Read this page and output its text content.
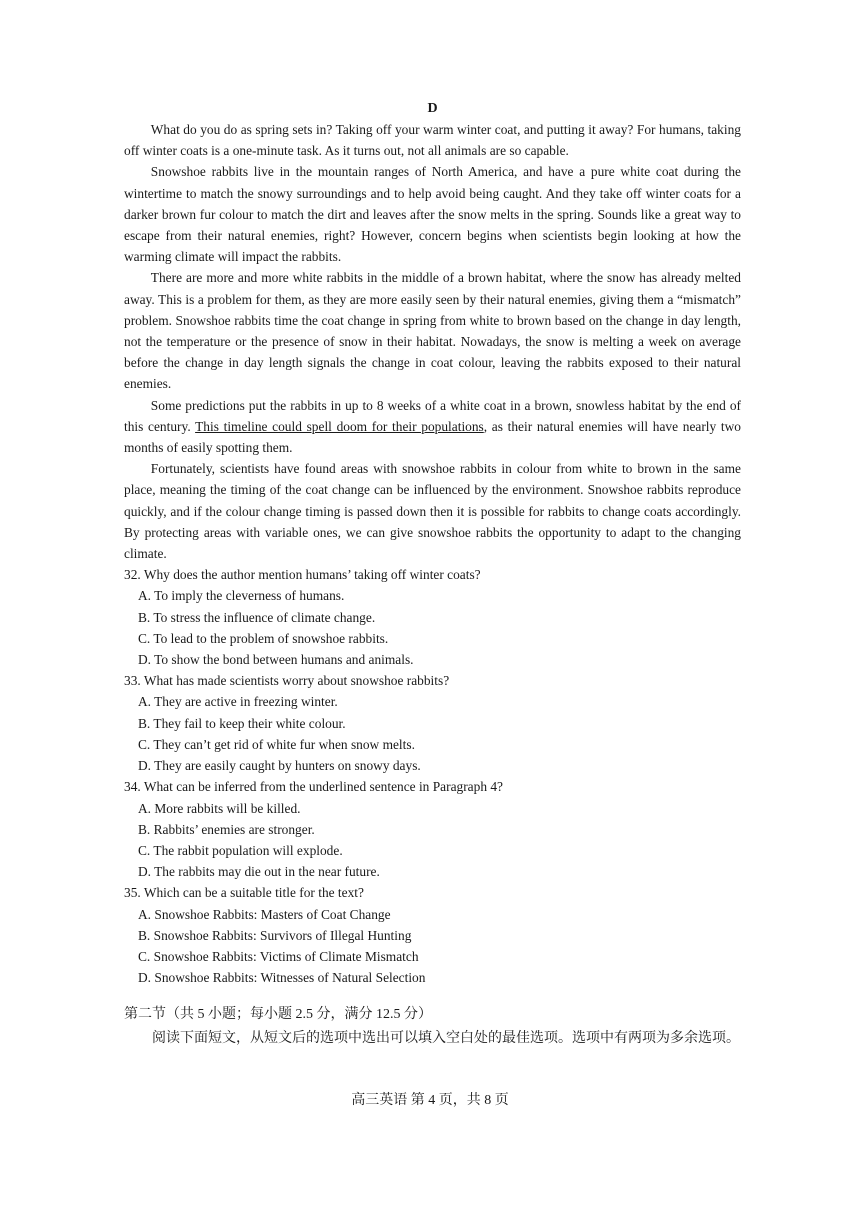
D

What do you do as spring sets in? Taking off your warm winter coat, and putting it away? For humans, taking off winter coats is a one-minute task. As it turns out, not all animals are so capable.

Snowshoe rabbits live in the mountain ranges of North America, and have a pure white coat during the wintertime to match the snowy surroundings and to help avoid being caught. And they take off winter coats for a darker brown fur colour to match the dirt and leaves after the snow melts in the spring. Sounds like a great way to escape from their natural enemies, right? However, concern begins when scientists begin looking at how the warming climate will impact the rabbits.

There are more and more white rabbits in the middle of a brown habitat, where the snow has already melted away. This is a problem for them, as they are more easily seen by their natural enemies, giving them a “mismatch” problem. Snowshoe rabbits time the coat change in spring from white to brown based on the change in day length, not the temperature or the presence of snow in their habitat. Nowadays, the snow is melting a week on average before the change in day length signals the change in coat colour, leaving the rabbits exposed to their natural enemies.

Some predictions put the rabbits in up to 8 weeks of a white coat in a brown, snowless habitat by the end of this century. This timeline could spell doom for their populations, as their natural enemies will have nearly two months of easily spotting them.

Fortunately, scientists have found areas with snowshoe rabbits in colour from white to brown in the same place, meaning the timing of the coat change can be influenced by the environment. Snowshoe rabbits reproduce quickly, and if the colour change timing is passed down then it is possible for rabbits to change coats accordingly. By protecting areas with variable ones, we can give snowshoe rabbits the opportunity to adapt to the changing climate.

32. Why does the author mention humans’ taking off winter coats?

A. To imply the cleverness of humans.

B. To stress the influence of climate change.

C. To lead to the problem of snowshoe rabbits.

D. To show the bond between humans and animals.

33. What has made scientists worry about snowshoe rabbits?

A. They are active in freezing winter.

B. They fail to keep their white colour.

C. They can’t get rid of white fur when snow melts.

D. They are easily caught by hunters on snowy days.

34. What can be inferred from the underlined sentence in Paragraph 4?

A. More rabbits will be killed.

B. Rabbits’ enemies are stronger.

C. The rabbit population will explode.

D. The rabbits may die out in the near future.

35. Which can be a suitable title for the text?

A. Snowshoe Rabbits: Masters of Coat Change

B. Snowshoe Rabbits: Survivors of Illegal Hunting

C. Snowshoe Rabbits: Victims of Climate Mismatch

D. Snowshoe Rabbits: Witnesses of Natural Selection

第二节（共 5 小题；每小题 2.5 分，满分 12.5 分）

阅读下面短文，从短文后的选项中选出可以填入空白处的最佳选项。选项中有两项为多余选项。

高三英语 第 4 页，共 8 页
